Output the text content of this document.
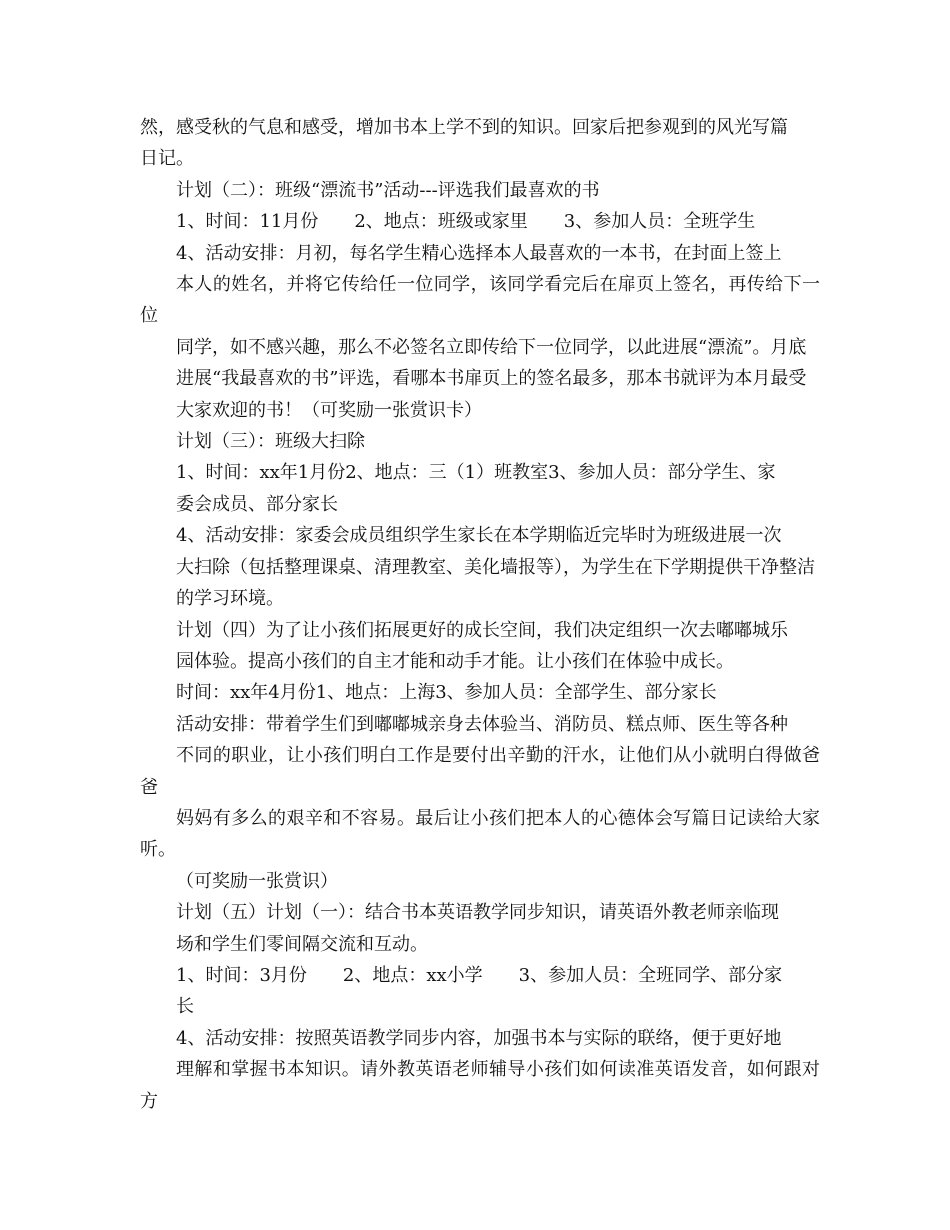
然，感受秋的气息和感受，增加书本上学不到的知识。回家后把参观到的风光写篇
日记。

计划（二）：班级“漂流书”活动---评选我们最喜欢的书

1、时间：11月份　　2、地点：班级或家里　　3、参加人员：全班学生

4、活动安排：月初，每名学生精心选择本人最喜欢的一本书，在封面上签上
本人的姓名，并将它传给任一位同学，该同学看完后在扉页上签名，再传给下一位
同学，如不感兴趣，那么不必签名立即传给下一位同学，以此进展“漂流”。月底
进展“我最喜欢的书”评选，看哪本书扉页上的签名最多，那本书就评为本月最受
大家欢迎的书！（可奖励一张赏识卡）

计划（三）：班级大扫除

1、时间：xx年1月份2、地点：三（1）班教室3、参加人员：部分学生、家
委会成员、部分家长

4、活动安排：家委会成员组织学生家长在本学期临近完毕时为班级进展一次
大扫除（包括整理课桌、清理教室、美化墙报等），为学生在下学期提供干净整洁
的学习环境。

计划（四）为了让小孩们拓展更好的成长空间，我们决定组织一次去嘟嘟城乐
园体验。提高小孩们的自主才能和动手才能。让小孩们在体验中成长。

时间：xx年4月份1、地点：上海3、参加人员：全部学生、部分家长

活动安排：带着学生们到嘟嘟城亲身去体验当、消防员、糕点师、医生等各种
不同的职业，让小孩们明白工作是要付出辛勤的汗水，让他们从小就明白得做爸爸
妈妈有多么的艰辛和不容易。最后让小孩们把本人的心德体会写篇日记读给大家听。
（可奖励一张赏识）

计划（五）计划（一）：结合书本英语教学同步知识，请英语外教老师亲临现
场和学生们零间隔交流和互动。

1、时间：3月份　　2、地点：xx小学　　3、参加人员：全班同学、部分家
长

4、活动安排：按照英语教学同步内容，加强书本与实际的联络，便于更好地
理解和掌握书本知识。请外教英语老师辅导小孩们如何读准英语发音，如何跟对方
